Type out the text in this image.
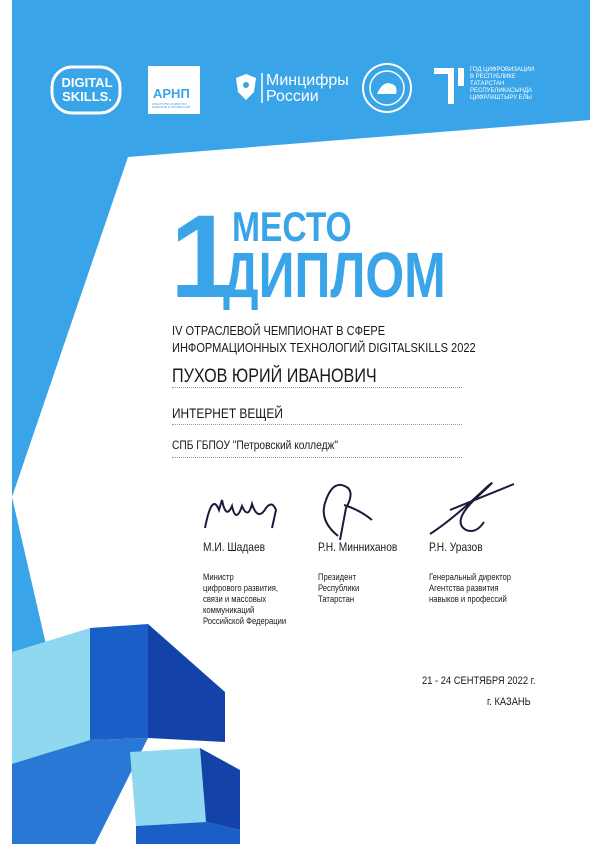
DIGITAL SKILLS.	АРНП
АГЕНТСТВО РАЗВИТИЯ НАВЫКОВ И ПРОФЕССИЙ
Минцифры
России
ГОД ЦИФРОВИЗАЦИИ
В РЕСПУБЛИКЕ
ТАТАРСТАН
РЕСПУБЛИКАСЫНДА
ЦИФРЛАШТЫРУ ЕЛЫ
1 МЕСТО
ДИПЛОМ
IV ОТРАСЛЕВОЙ ЧЕМПИОНАТ В СФЕРЕ
ИНФОРМАЦИОННЫХ ТЕХНОЛОГИЙ DIGITALSKILLS 2022
ПУХОВ ЮРИЙ ИВАНОВИЧ
ИНТЕРНЕТ ВЕЩЕЙ
СПБ ГБПОУ "Петровский колледж"
М.И. Шадаев	Р.Н. Минниханов	Р.Н. Уразов
Министр
цифрового развития,
связи и массовых
коммуникаций
Российской Федерации
Президент
Республики
Татарстан
Генеральный директор
Агентства развития
навыков и профессий
21 - 24 СЕНТЯБРЯ 2022 г.
г. КАЗАНЬ
